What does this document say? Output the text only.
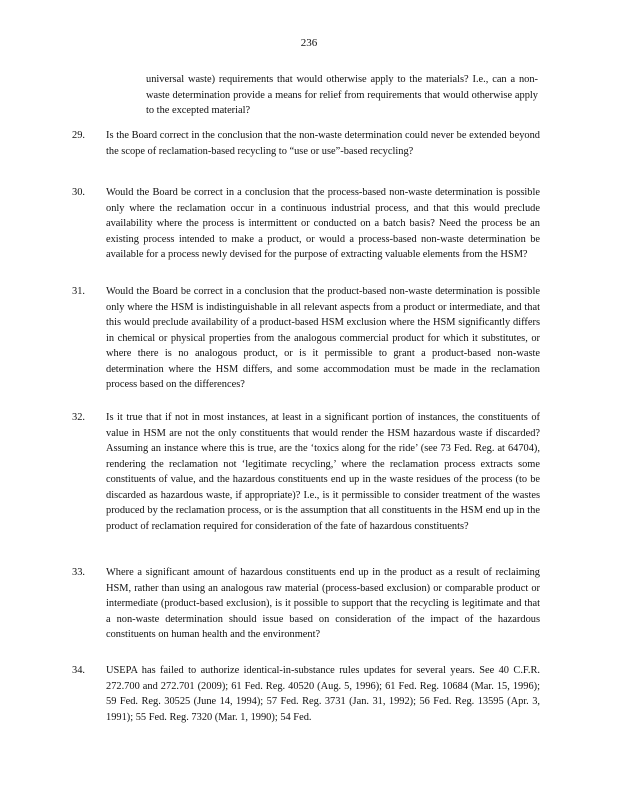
236
universal waste) requirements that would otherwise apply to the materials? I.e., can a non-waste determination provide a means for relief from requirements that would otherwise apply to the excepted material?
29.	Is the Board correct in the conclusion that the non-waste determination could never be extended beyond the scope of reclamation-based recycling to “use or use”-based recycling?
30.	Would the Board be correct in a conclusion that the process-based non-waste determination is possible only where the reclamation occur in a continuous industrial process, and that this would preclude availability where the process is intermittent or conducted on a batch basis? Need the process be an existing process intended to make a product, or would a process-based non-waste determination be available for a process newly devised for the purpose of extracting valuable elements from the HSM?
31.	Would the Board be correct in a conclusion that the product-based non-waste determination is possible only where the HSM is indistinguishable in all relevant aspects from a product or intermediate, and that this would preclude availability of a product-based HSM exclusion where the HSM significantly differs in chemical or physical properties from the analogous commercial product for which it substitutes, or where there is no analogous product, or is it permissible to grant a product-based non-waste determination where the HSM differs, and some accommodation must be made in the reclamation process based on the differences?
32.	Is it true that if not in most instances, at least in a significant portion of instances, the constituents of value in HSM are not the only constituents that would render the HSM hazardous waste if discarded? Assuming an instance where this is true, are the ‘toxics along for the ride’ (see 73 Fed. Reg. at 64704), rendering the reclamation not ‘legitimate recycling,’ where the reclamation process extracts some constituents of value, and the hazardous constituents end up in the waste residues of the process (to be discarded as hazardous waste, if appropriate)? I.e., is it permissible to consider treatment of the wastes produced by the reclamation process, or is the assumption that all constituents in the HSM end up in the product of reclamation required for consideration of the fate of hazardous constituents?
33.	Where a significant amount of hazardous constituents end up in the product as a result of reclaiming HSM, rather than using an analogous raw material (process-based exclusion) or comparable product or intermediate (product-based exclusion), is it possible to support that the recycling is legitimate and that a non-waste determination should issue based on consideration of the impact of the hazardous constituents on human health and the environment?
34.	USEPA has failed to authorize identical-in-substance rules updates for several years. See 40 C.F.R. 272.700 and 272.701 (2009); 61 Fed. Reg. 40520 (Aug. 5, 1996); 61 Fed. Reg. 10684 (Mar. 15, 1996); 59 Fed. Reg. 30525 (June 14, 1994); 57 Fed. Reg. 3731 (Jan. 31, 1992); 56 Fed. Reg. 13595 (Apr. 3, 1991); 55 Fed. Reg. 7320 (Mar. 1, 1990); 54 Fed.
